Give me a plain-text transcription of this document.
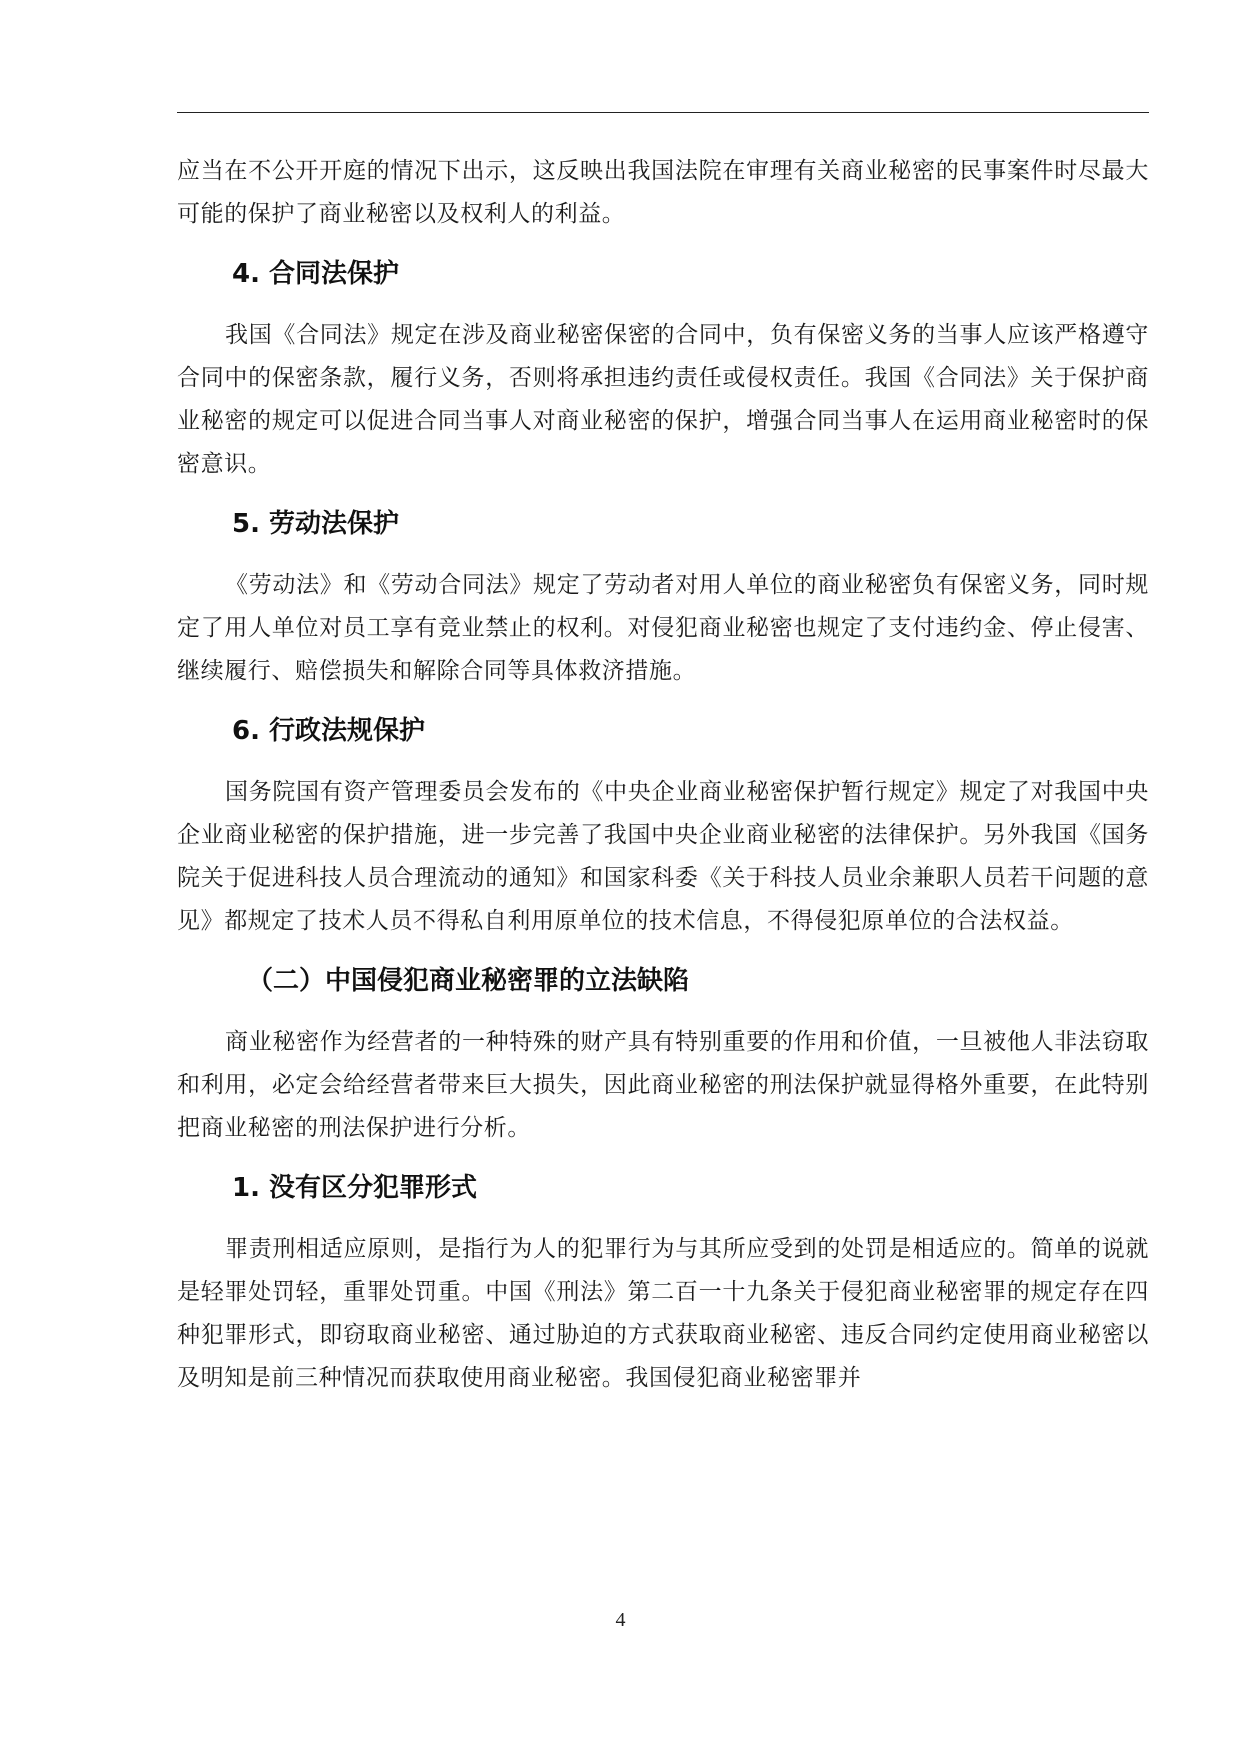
应当在不公开开庭的情况下出示，这反映出我国法院在审理有关商业秘密的民事案件时尽最大可能的保护了商业秘密以及权利人的利益。

4. 合同法保护

我国《合同法》规定在涉及商业秘密保密的合同中，负有保密义务的当事人应该严格遵守合同中的保密条款，履行义务，否则将承担违约责任或侵权责任。我国《合同法》关于保护商业秘密的规定可以促进合同当事人对商业秘密的保护，增强合同当事人在运用商业秘密时的保密意识。

5. 劳动法保护

《劳动法》和《劳动合同法》规定了劳动者对用人单位的商业秘密负有保密义务，同时规定了用人单位对员工享有竞业禁止的权利。对侵犯商业秘密也规定了支付违约金、停止侵害、继续履行、赔偿损失和解除合同等具体救济措施。

6. 行政法规保护

国务院国有资产管理委员会发布的《中央企业商业秘密保护暂行规定》规定了对我国中央企业商业秘密的保护措施，进一步完善了我国中央企业商业秘密的法律保护。另外我国《国务院关于促进科技人员合理流动的通知》和国家科委《关于科技人员业余兼职人员若干问题的意见》都规定了技术人员不得私自利用原单位的技术信息，不得侵犯原单位的合法权益。

（二）中国侵犯商业秘密罪的立法缺陷

商业秘密作为经营者的一种特殊的财产具有特别重要的作用和价值，一旦被他人非法窃取和利用，必定会给经营者带来巨大损失，因此商业秘密的刑法保护就显得格外重要，在此特别把商业秘密的刑法保护进行分析。

1. 没有区分犯罪形式

罪责刑相适应原则，是指行为人的犯罪行为与其所应受到的处罚是相适应的。简单的说就是轻罪处罚轻，重罪处罚重。中国《刑法》第二百一十九条关于侵犯商业秘密罪的规定存在四种犯罪形式，即窃取商业秘密、通过胁迫的方式获取商业秘密、违反合同约定使用商业秘密以及明知是前三种情况而获取使用商业秘密。我国侵犯商业秘密罪并

4
